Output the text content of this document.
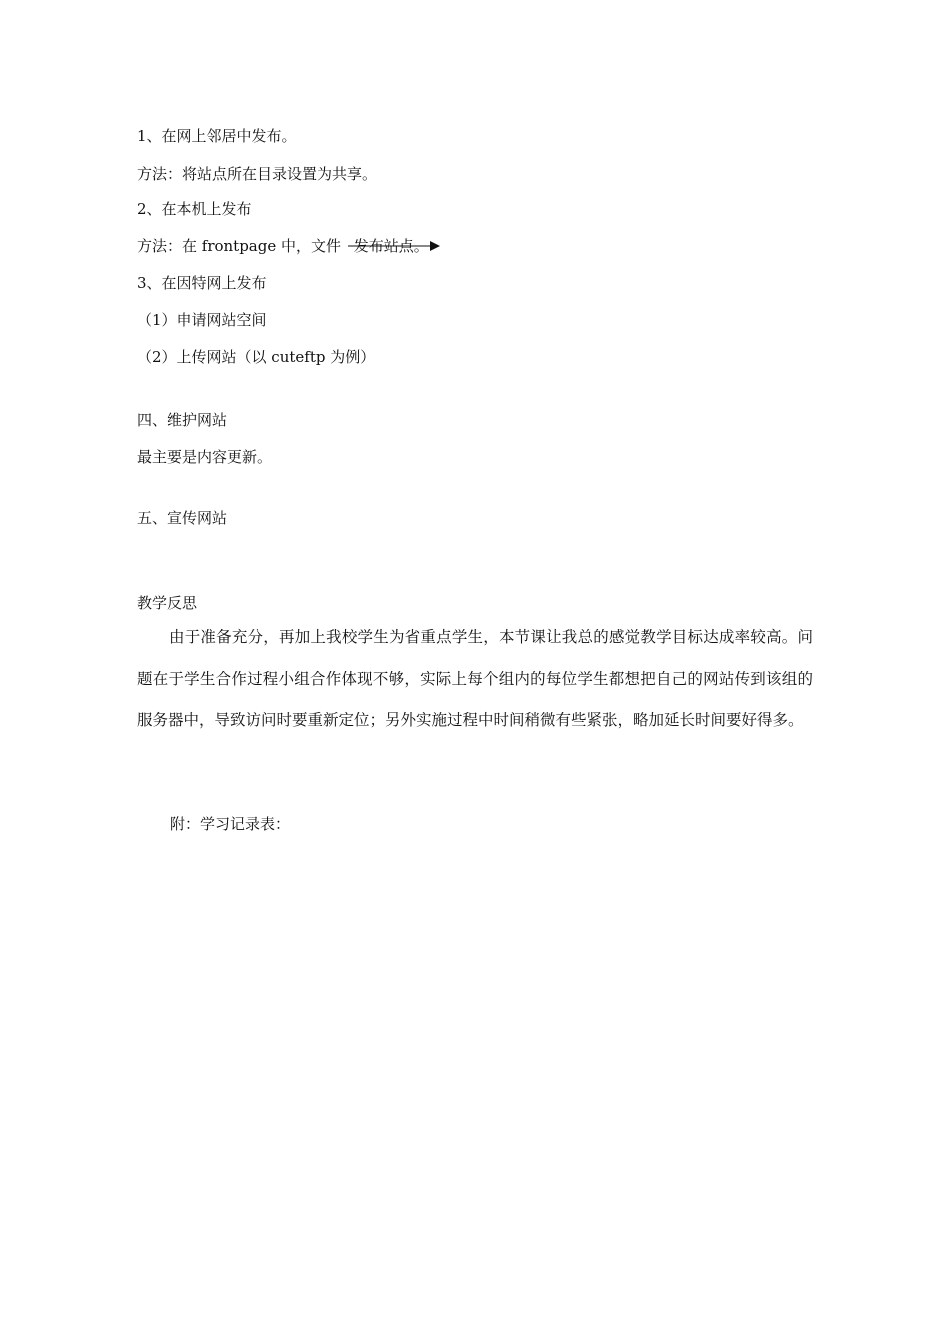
1、在网上邻居中发布。
方法：将站点所在目录设置为共享。
2、在本机上发布
方法：在 frontpage 中，文件 发布站点。
3、在因特网上发布
（1）申请网站空间
（2）上传网站（以 cuteftp 为例）
四、维护网站
最主要是内容更新。
五、宣传网站
教学反思

由于准备充分，再加上我校学生为省重点学生，本节课让我总的感觉教学目标达成率较高。问题在于学生合作过程小组合作体现不够，实际上每个组内的每位学生都想把自己的网站传到该组的服务器中，导致访问时要重新定位；另外实施过程中时间稍微有些紧张，略加延长时间要好得多。

附：学习记录表：
